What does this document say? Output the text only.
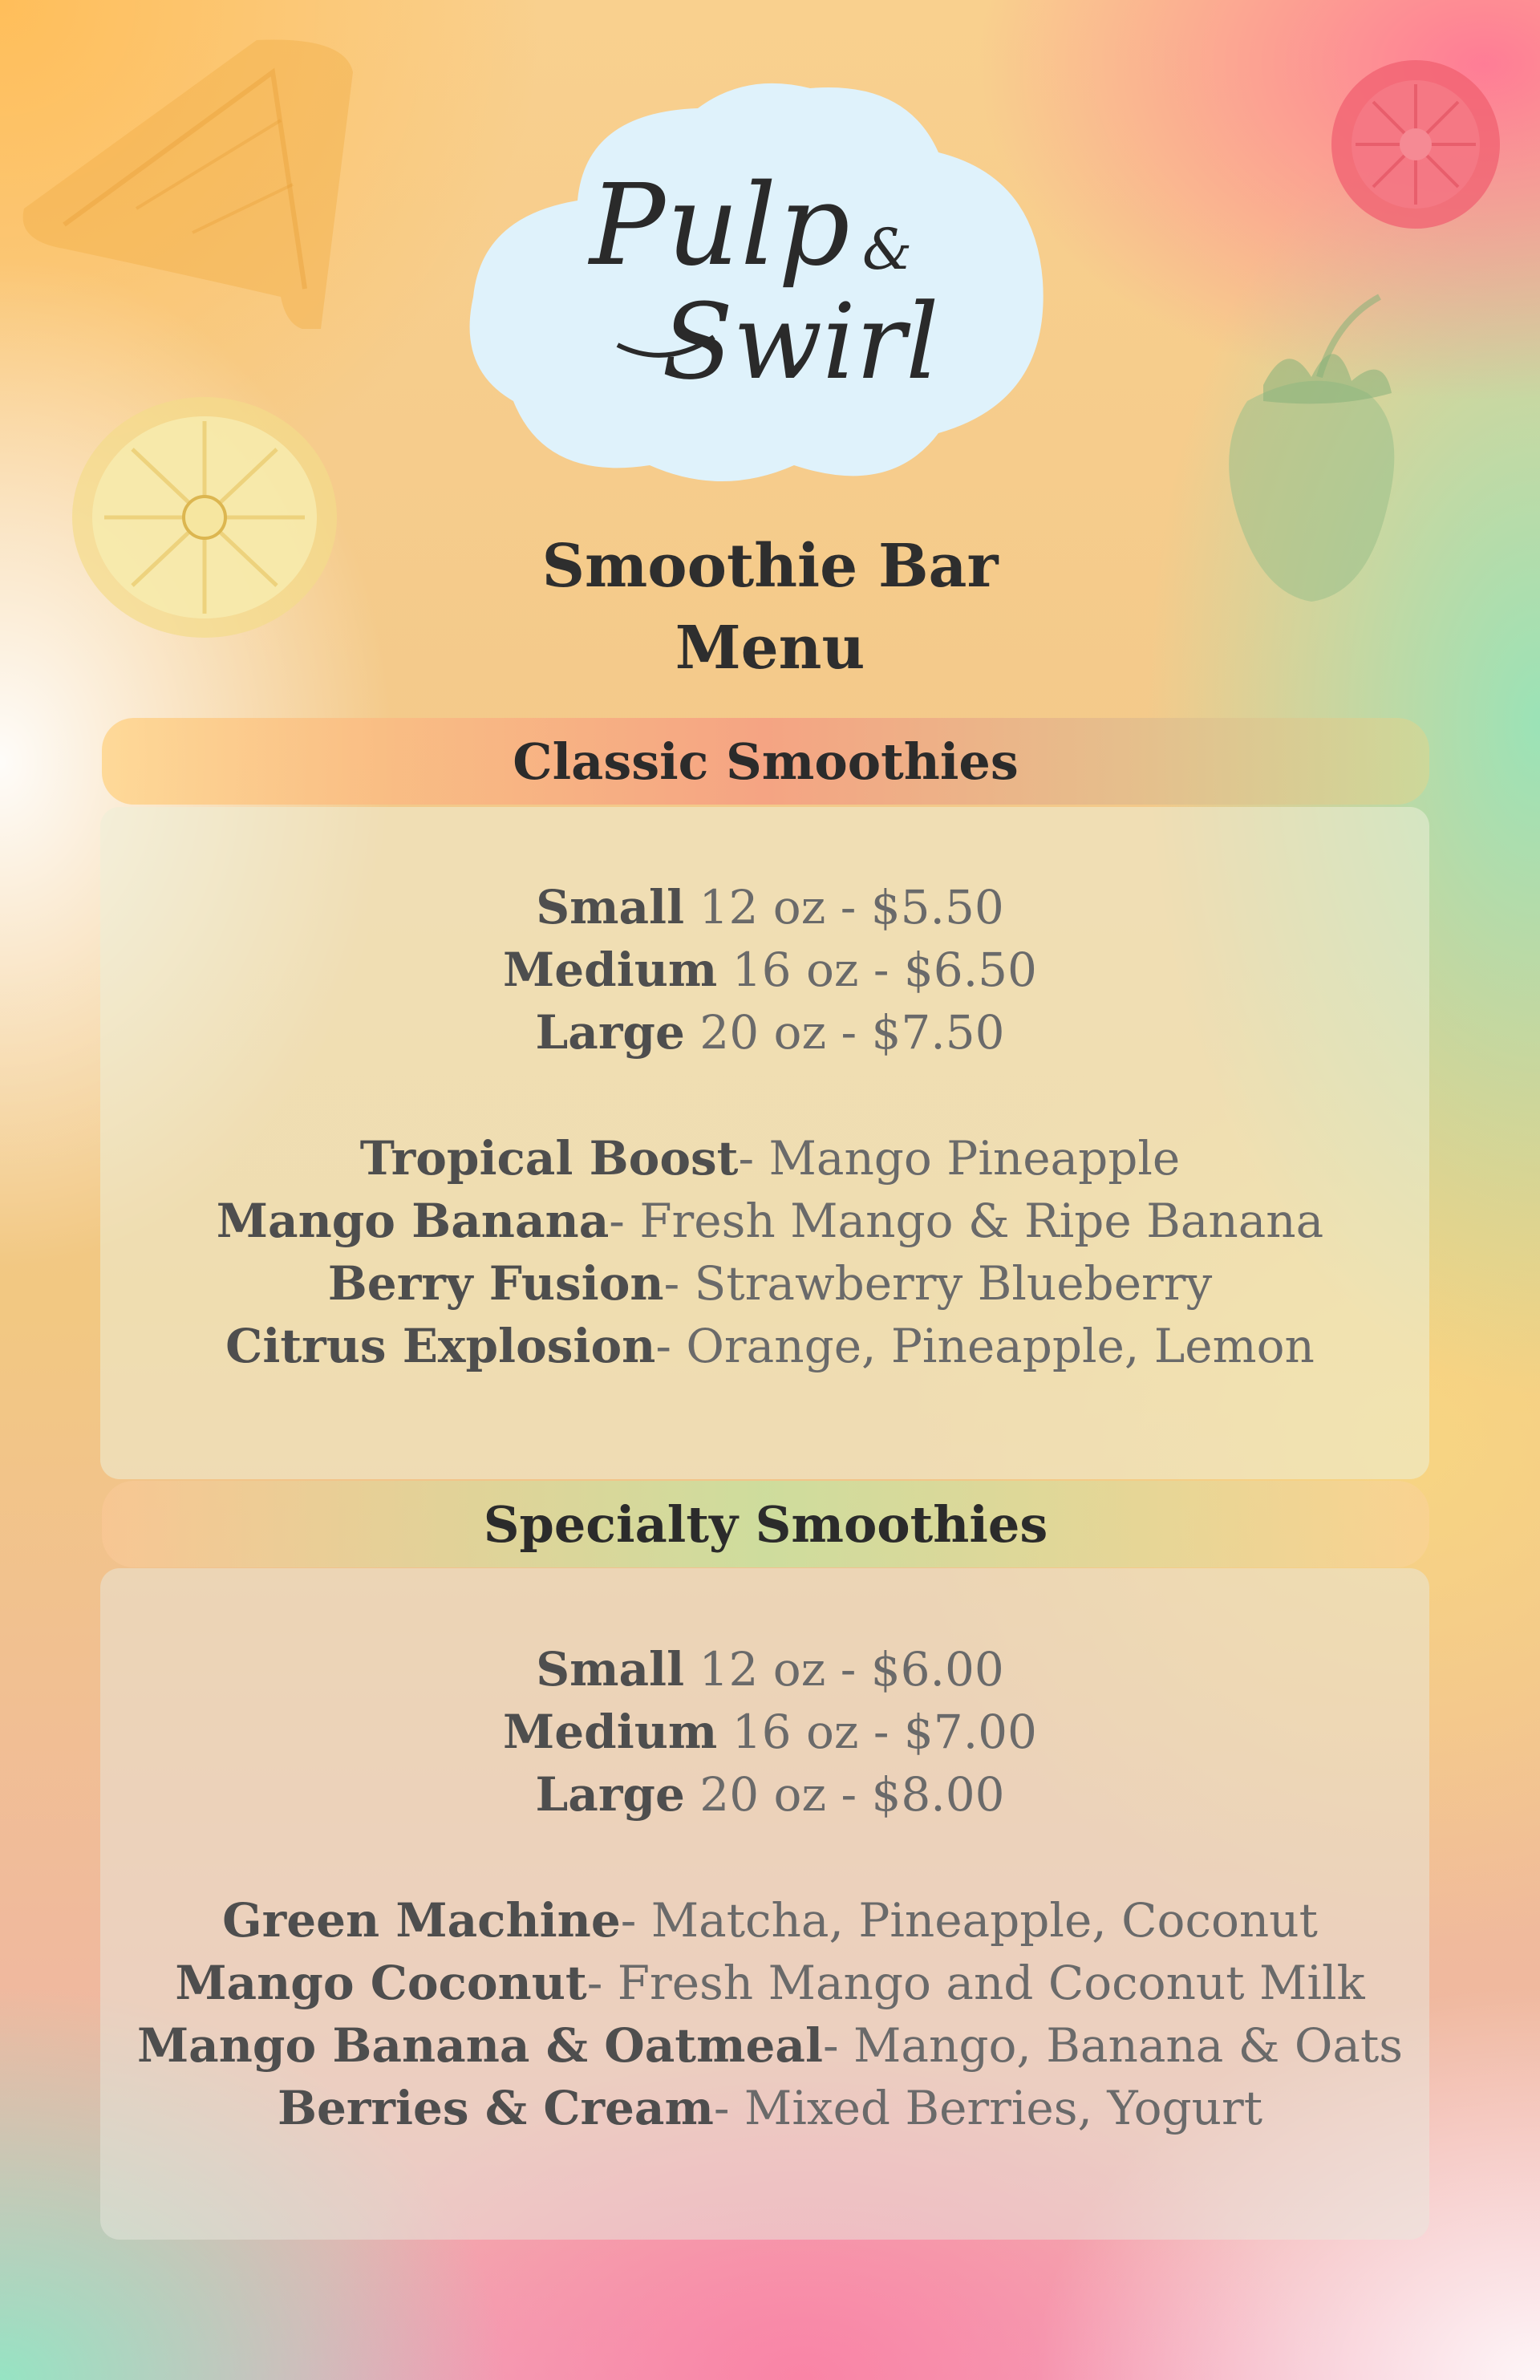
Pulp &
Swirl
Smoothie Bar
Menu
Classic Smoothies
Small 12 oz - $5.50
Medium 16 oz - $6.50
Large 20 oz - $7.50
Tropical Boost- Mango Pineapple
Mango Banana- Fresh Mango & Ripe Banana
Berry Fusion- Strawberry Blueberry
Citrus Explosion- Orange, Pineapple, Lemon
Specialty Smoothies
Small 12 oz - $6.00
Medium 16 oz - $7.00
Large 20 oz - $8.00
Green Machine- Matcha, Pineapple, Coconut
Mango Coconut- Fresh Mango and Coconut Milk
Mango Banana & Oatmeal- Mango, Banana & Oats
Berries & Cream- Mixed Berries, Yogurt
